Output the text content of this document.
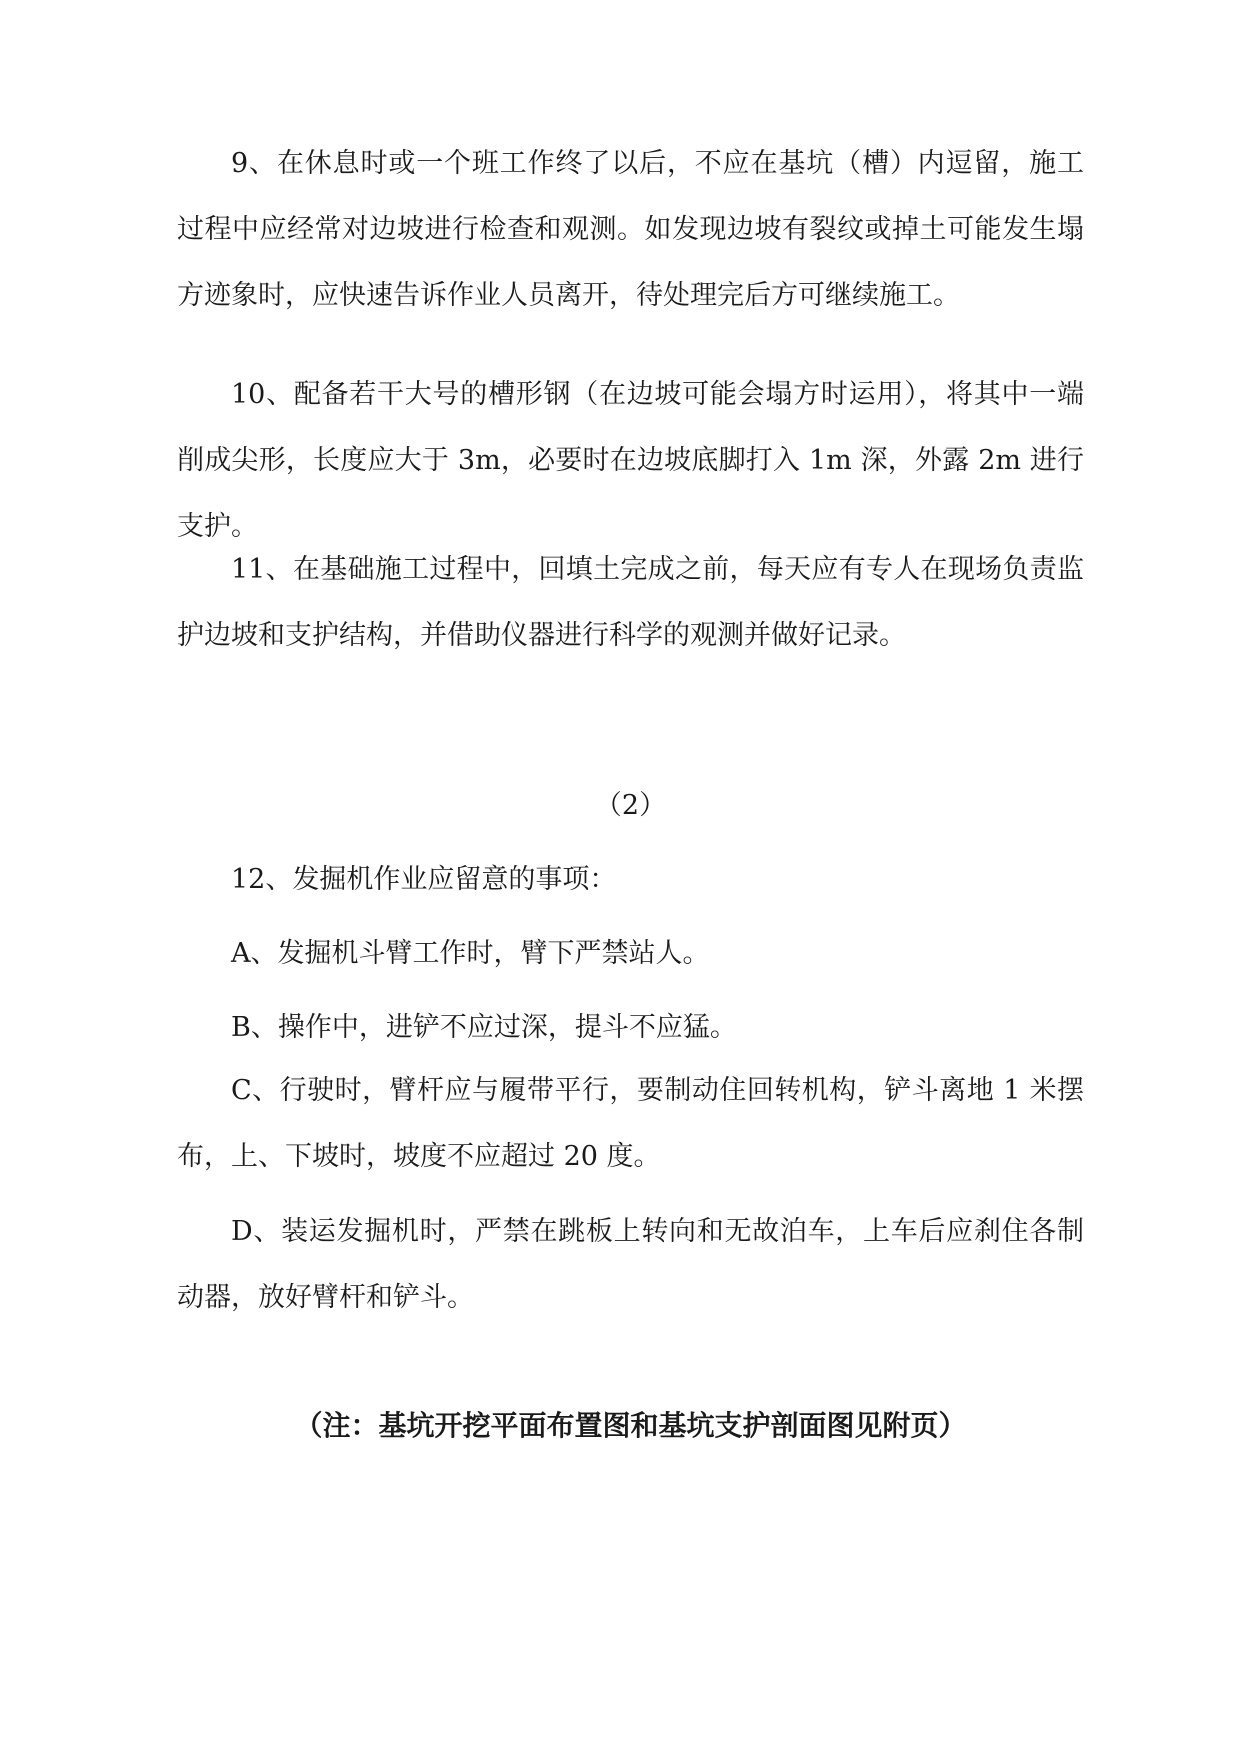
9、在休息时或一个班工作终了以后，不应在基坑（槽）内逗留，施工过程中应经常对边坡进行检查和观测。如发现边坡有裂纹或掉土可能发生塌方迹象时，应快速告诉作业人员离开，待处理完后方可继续施工。

10、配备若干大号的槽形钢（在边坡可能会塌方时运用），将其中一端削成尖形，长度应大于 3m，必要时在边坡底脚打入 1m 深，外露 2m 进行支护。

11、在基础施工过程中，回填土完成之前，每天应有专人在现场负责监护边坡和支护结构，并借助仪器进行科学的观测并做好记录。

（2）

12、发掘机作业应留意的事项：

A、发掘机斗臂工作时，臂下严禁站人。

B、操作中，进铲不应过深，提斗不应猛。

C、行驶时，臂杆应与履带平行，要制动住回转机构，铲斗离地 1 米摆布，上、下坡时，坡度不应超过 20 度。

D、装运发掘机时，严禁在跳板上转向和无故泊车，上车后应刹住各制动器，放好臂杆和铲斗。

（注：基坑开挖平面布置图和基坑支护剖面图见附页）
